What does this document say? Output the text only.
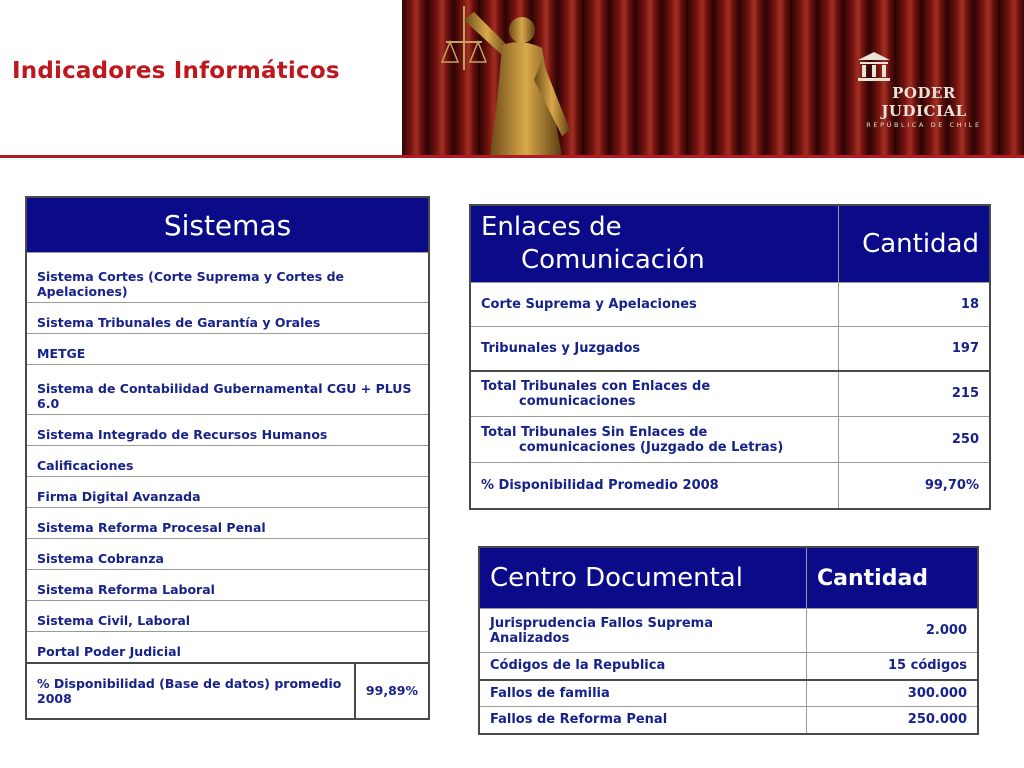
Indicadores Informáticos
PODER JUDICIAL
REPÚBLICA DE CHILE
Sistemas
Sistema Cortes (Corte Suprema y Cortes de Apelaciones)
Sistema Tribunales de Garantía y Orales
METGE
Sistema de Contabilidad Gubernamental CGU + PLUS 6.0
Sistema Integrado de Recursos Humanos
Calificaciones
Firma Digital Avanzada
Sistema Reforma Procesal Penal
Sistema Cobranza
Sistema Reforma Laboral
Sistema Civil, Laboral
Portal Poder Judicial
% Disponibilidad (Base de datos) promedio 2008	99,89%
Enlaces de
Comunicación	Cantidad
Corte Suprema y Apelaciones	18
Tribunales y Juzgados	197
Total Tribunales con Enlaces de
comunicaciones	215
Total Tribunales Sin Enlaces de
comunicaciones (Juzgado de Letras)	250
% Disponibilidad Promedio 2008	99,70%
Centro Documental	Cantidad
Jurisprudencia Fallos Suprema Analizados	2.000
Códigos de la Republica	15 códigos
Fallos de familia	300.000
Fallos de Reforma Penal	250.000
